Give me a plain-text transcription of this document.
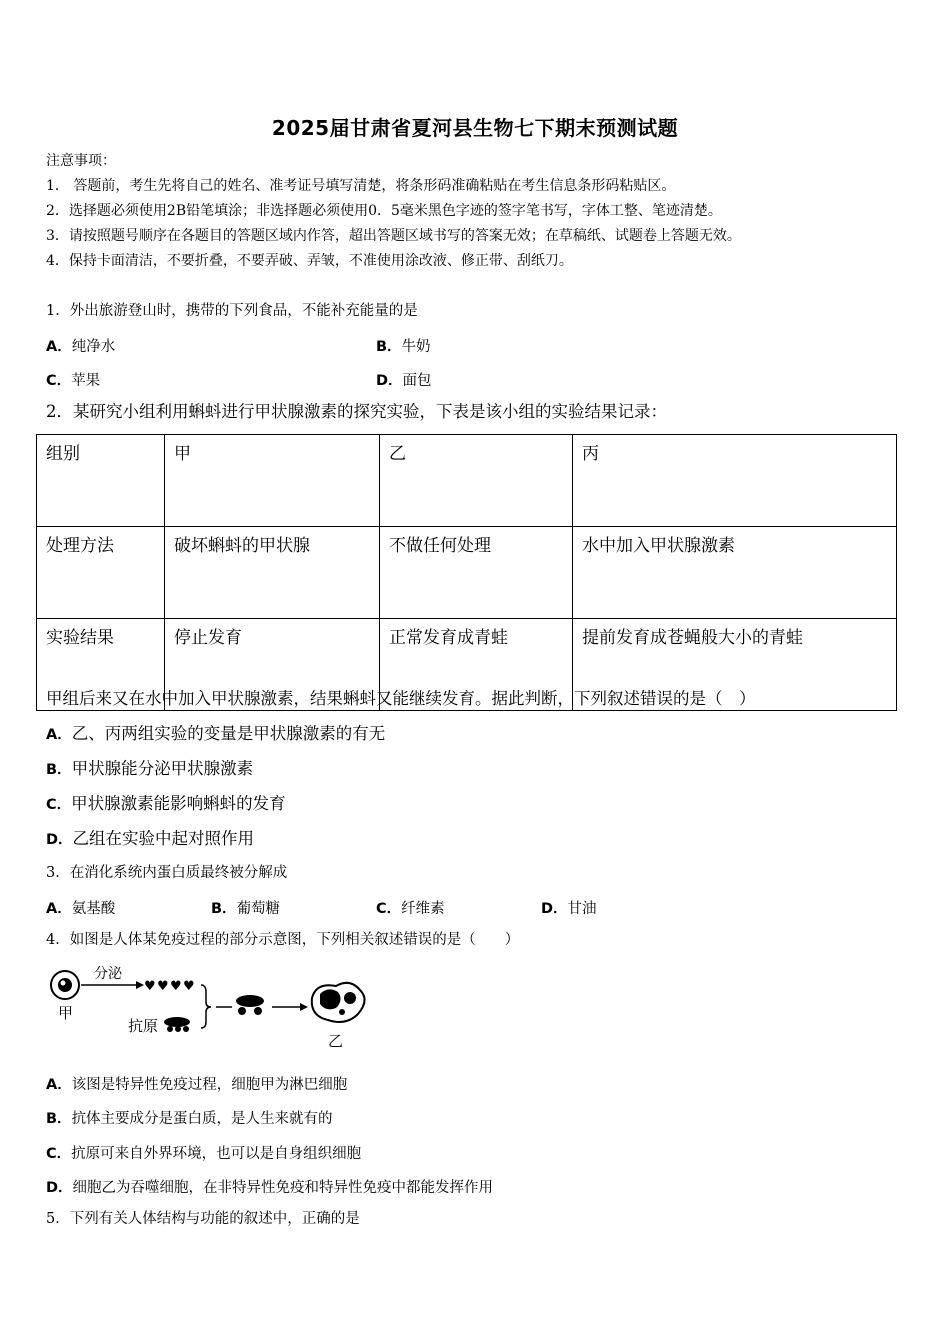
2025届甘肃省夏河县生物七下期末预测试题
注意事项：
1． 答题前，考生先将自己的姓名、准考证号填写清楚，将条形码准确粘贴在考生信息条形码粘贴区。
2．选择题必须使用2B铅笔填涂；非选择题必须使用0．5毫米黑色字迹的签字笔书写，字体工整、笔迹清楚。
3．请按照题号顺序在各题目的答题区域内作答，超出答题区域书写的答案无效；在草稿纸、试题卷上答题无效。
4．保持卡面清洁，不要折叠，不要弄破、弄皱，不准使用涂改液、修正带、刮纸刀。
1．外出旅游登山时，携带的下列食品，不能补充能量的是
A．纯净水	B．牛奶
C．苹果	D．面包
2．某研究小组利用蝌蚪进行甲状腺激素的探究实验，下表是该小组的实验结果记录：
组别	甲	乙	丙
处理方法	破坏蝌蚪的甲状腺	不做任何处理	水中加入甲状腺激素
实验结果	停止发育	正常发育成青蛙	提前发育成苍蝇般大小的青蛙
甲组后来又在水中加入甲状腺激素，结果蝌蚪又能继续发育。据此判断，下列叙述错误的是（　）
A．乙、丙两组实验的变量是甲状腺激素的有无
B．甲状腺能分泌甲状腺激素
C．甲状腺激素能影响蝌蚪的发育
D．乙组在实验中起对照作用
3．在消化系统内蛋白质最终被分解成
A．氨基酸	B．葡萄糖	C．纤维素	D．甘油
4．如图是人体某免疫过程的部分示意图，下列相关叙述错误的是（　　）
甲
分泌
♥ ♥ ♥ ♥
抗原
乙
A．该图是特异性免疫过程，细胞甲为淋巴细胞
B．抗体主要成分是蛋白质，是人生来就有的
C．抗原可来自外界环境，也可以是自身组织细胞
D．细胞乙为吞噬细胞，在非特异性免疫和特异性免疫中都能发挥作用
5．下列有关人体结构与功能的叙述中，正确的是
